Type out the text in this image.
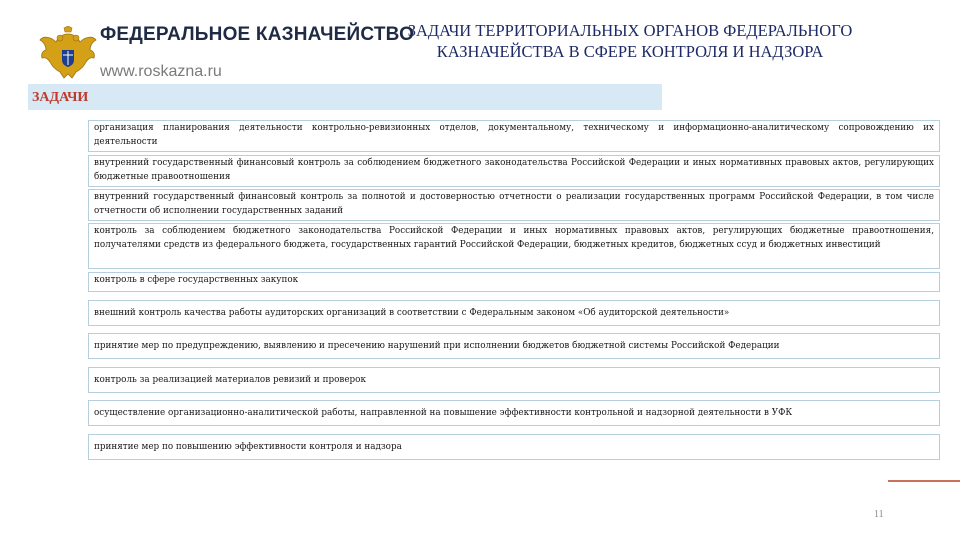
ФЕДЕРАЛЬНОЕ КАЗНАЧЕЙСТВО
www.roskazna.ru
ЗАДАЧИ ТЕРРИТОРИАЛЬНЫХ ОРГАНОВ ФЕДЕРАЛЬНОГО
КАЗНАЧЕЙСТВА В СФЕРЕ КОНТРОЛЯ И НАДЗОРА
ЗАДАЧИ
организация планирования деятельности контрольно-ревизионных отделов, документальному, техническому и информационно-аналитическому сопровождению их деятельности
внутренний государственный финансовый контроль за соблюдением бюджетного законодательства Российской Федерации и иных нормативных правовых актов, регулирующих бюджетные правоотношения
внутренний государственный финансовый контроль за полнотой и достоверностью отчетности о реализации государственных программ Российской Федерации, в том числе отчетности об исполнении государственных заданий
контроль за соблюдением бюджетного законодательства Российской Федерации и иных нормативных правовых актов, регулирующих бюджетные правоотношения, получателями средств из федерального бюджета, государственных гарантий Российской Федерации, бюджетных кредитов, бюджетных ссуд и бюджетных инвестиций
контроль в сфере государственных закупок
внешний контроль качества работы аудиторских организаций в соответствии с Федеральным законом «Об аудиторской деятельности»
принятие мер по предупреждению, выявлению и пресечению нарушений при исполнении бюджетов бюджетной системы Российской Федерации
контроль за реализацией материалов ревизий и проверок
осуществление организационно-аналитической работы, направленной на повышение эффективности контрольной и надзорной деятельности в УФК
принятие мер по повышению эффективности контроля и надзора
11
